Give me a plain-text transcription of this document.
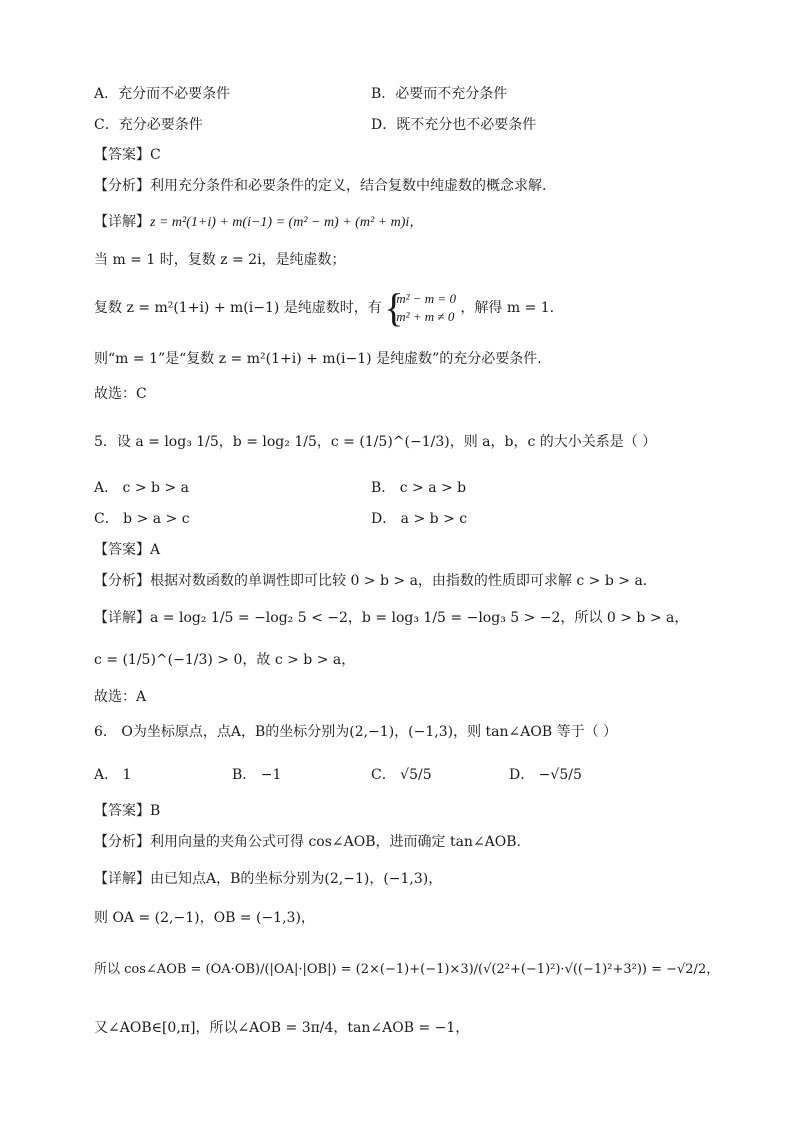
A．充分而不必要条件	B．必要而不充分条件
C．充分必要条件	D．既不充分也不必要条件
【答案】C
【分析】利用充分条件和必要条件的定义，结合复数中纯虚数的概念求解.
【详解】z = m²(1+i) + m(i−1) = (m² − m) + (m² + m)i，
当 m = 1 时，复数 z = 2i，是纯虚数；
复数 z = m²(1+i) + m(i−1) 是纯虚数时，有
{ m² − m = 0
m² + m ≠ 0
，解得 m = 1.
则“m = 1”是“复数 z = m²(1+i) + m(i−1) 是纯虚数”的充分必要条件.
故选：C
5．设 a = log₃ 1/5，b = log₂ 1/5，c = (1/5)^(−1/3)，则 a，b，c 的大小关系是（ ）
A． c > b > a	B． c > a > b
C． b > a > c	D． a > b > c
【答案】A
【分析】根据对数函数的单调性即可比较 0 > b > a，由指数的性质即可求解 c > b > a.
【详解】a = log₂ 1/5 = −log₂ 5 < −2，b = log₃ 1/5 = −log₃ 5 > −2，所以 0 > b > a，
c = (1/5)^(−1/3) > 0，故 c > b > a，
故选：A
6． O为坐标原点，点A，B的坐标分别为(2,−1)，(−1,3)，则 tan∠AOB 等于（ ）
A． 1	B． −1	C． √5/5	D． −√5/5
【答案】B
【分析】利用向量的夹角公式可得 cos∠AOB，进而确定 tan∠AOB.
【详解】由已知点A，B的坐标分别为(2,−1)，(−1,3)，
则 OA = (2,−1)，OB = (−1,3)，
所以 cos∠AOB = (OA·OB)/(|OA|·|OB|) = (2×(−1)+(−1)×3)/(√(2²+(−1)²)·√((−1)²+3²)) = −√2/2，
又∠AOB∈[0,π]，所以∠AOB = 3π/4，tan∠AOB = −1，
